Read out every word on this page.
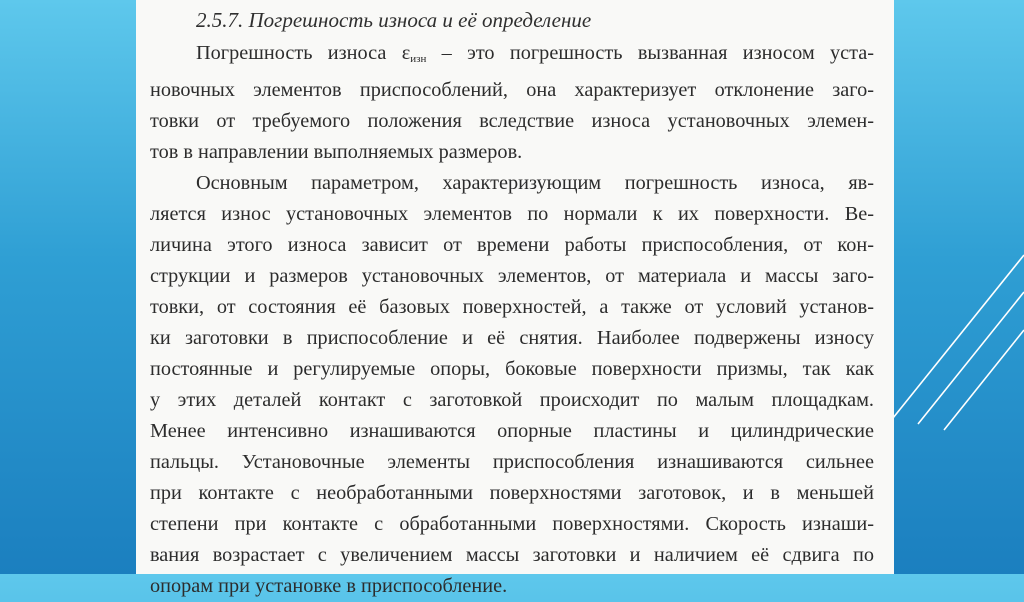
2.5.7. Погрешность износа и её определение
Погрешность износа $\varepsilon_{изн}$ – это погрешность вызванная износом уста-
новочных элементов приспособлений, она характеризует отклонение заго-
товки от требуемого положения вследствие износа установочных элемен-
тов в направлении выполняемых размеров.
Основным параметром, характеризующим погрешность износа, яв-
ляется износ установочных элементов по нормали к их поверхности. Ве-
личина этого износа зависит от времени работы приспособления, от кон-
струкции и размеров установочных элементов, от материала и массы заго-
товки, от состояния её базовых поверхностей, а также от условий установ-
ки заготовки в приспособление и её снятия. Наиболее подвержены износу
постоянные и регулируемые опоры, боковые поверхности призмы, так как
у этих деталей контакт с заготовкой происходит по малым площадкам.
Менее интенсивно изнашиваются опорные пластины и цилиндрические
пальцы. Установочные элементы приспособления изнашиваются сильнее
при контакте с необработанными поверхностями заготовок, и в меньшей
степени при контакте с обработанными поверхностями. Скорость изнаши-
вания возрастает с увеличением массы заготовки и наличием её сдвига по
опорам при установке в приспособление.
